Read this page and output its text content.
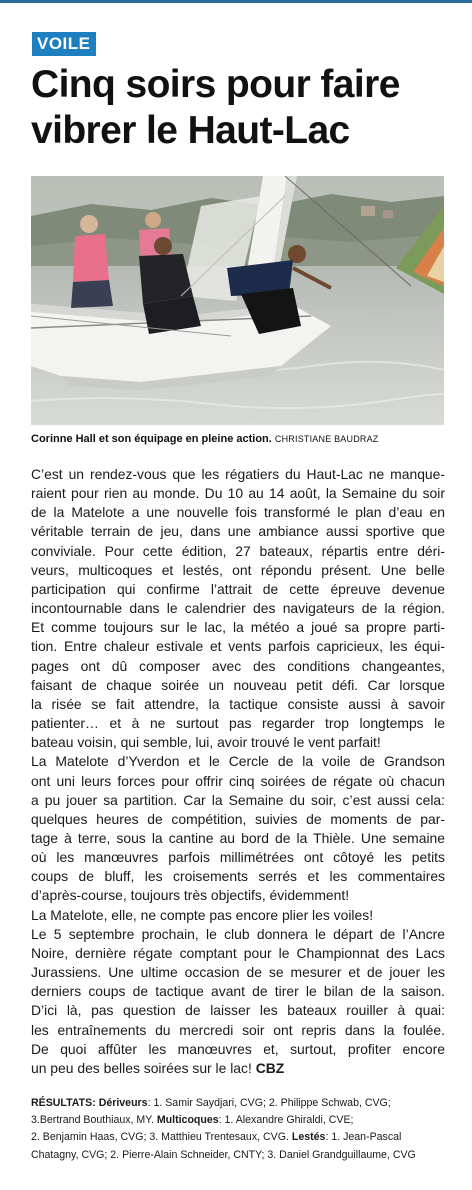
VOILE
Cinq soirs pour faire
vibrer le Haut-Lac
Corinne Hall et son équipage en pleine action. CHRISTIANE BAUDRAZ
C’est un rendez-vous que les régatiers du Haut-Lac ne manque-
raient pour rien au monde. Du 10 au 14 août, la Semaine du soir
de la Matelote a une nouvelle fois transformé le plan d’eau en
véritable terrain de jeu, dans une ambiance aussi sportive que
conviviale. Pour cette édition, 27 bateaux, répartis entre déri-
veurs, multicoques et lestés, ont répondu présent. Une belle
participation qui confirme l’attrait de cette épreuve devenue
incontournable dans le calendrier des navigateurs de la région.
Et comme toujours sur le lac, la météo a joué sa propre parti-
tion. Entre chaleur estivale et vents parfois capricieux, les équi-
pages ont dû composer avec des conditions changeantes,
faisant de chaque soirée un nouveau petit défi. Car lorsque
la risée se fait attendre, la tactique consiste aussi à savoir
patienter… et à ne surtout pas regarder trop longtemps le
bateau voisin, qui semble, lui, avoir trouvé le vent parfait!
La Matelote d’Yverdon et le Cercle de la voile de Grandson
ont uni leurs forces pour offrir cinq soirées de régate où chacun
a pu jouer sa partition. Car la Semaine du soir, c’est aussi cela:
quelques heures de compétition, suivies de moments de par-
tage à terre, sous la cantine au bord de la Thièle. Une semaine
où les manœuvres parfois millimétrées ont côtoyé les petits
coups de bluff, les croisements serrés et les commentaires
d’après-course, toujours très objectifs, évidemment!
La Matelote, elle, ne compte pas encore plier les voiles!
Le 5 septembre prochain, le club donnera le départ de l’Ancre
Noire, dernière régate comptant pour le Championnat des Lacs
Jurassiens. Une ultime occasion de se mesurer et de jouer les
derniers coups de tactique avant de tirer le bilan de la saison.
D’ici là, pas question de laisser les bateaux rouiller à quai:
les entraînements du mercredi soir ont repris dans la foulée.
De quoi affûter les manœuvres et, surtout, profiter encore
un peu des belles soirées sur le lac! CBZ
RÉSULTATS: Dériveurs: 1. Samir Saydjari, CVG; 2. Philippe Schwab, CVG;
3.Bertrand Bouthiaux, MY. Multicoques: 1. Alexandre Ghiraldi, CVE;
2. Benjamin Haas, CVG; 3. Matthieu Trentesaux, CVG. Lestés: 1. Jean-Pascal
Chatagny, CVG; 2. Pierre-Alain Schneider, CNTY; 3. Daniel Grandguillaume, CVG
